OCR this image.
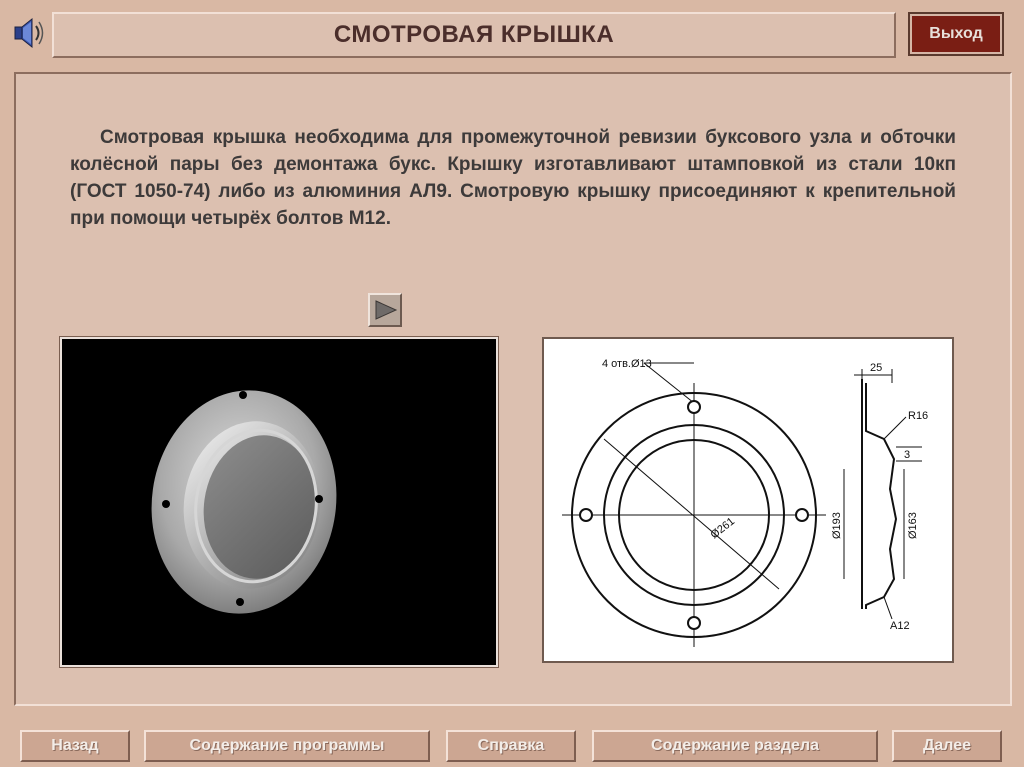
СМОТРОВАЯ КРЫШКА	Выход

Смотровая крышка необходима для промежуточной ревизии буксового узла и обточки колёсной пары без демонтажа букс. Крышку изготавливают штамповкой из стали 10кп (ГОСТ 1050-74) либо из алюминия АЛ9. Смотровую крышку присоединяют к крепительной при помощи четырёх болтов М12.

4 отв.Ø13
Ø261
25
R16
3
Ø193	Ø163
А12
Назад	Содержание программы	Справка	Содержание раздела	Далее
